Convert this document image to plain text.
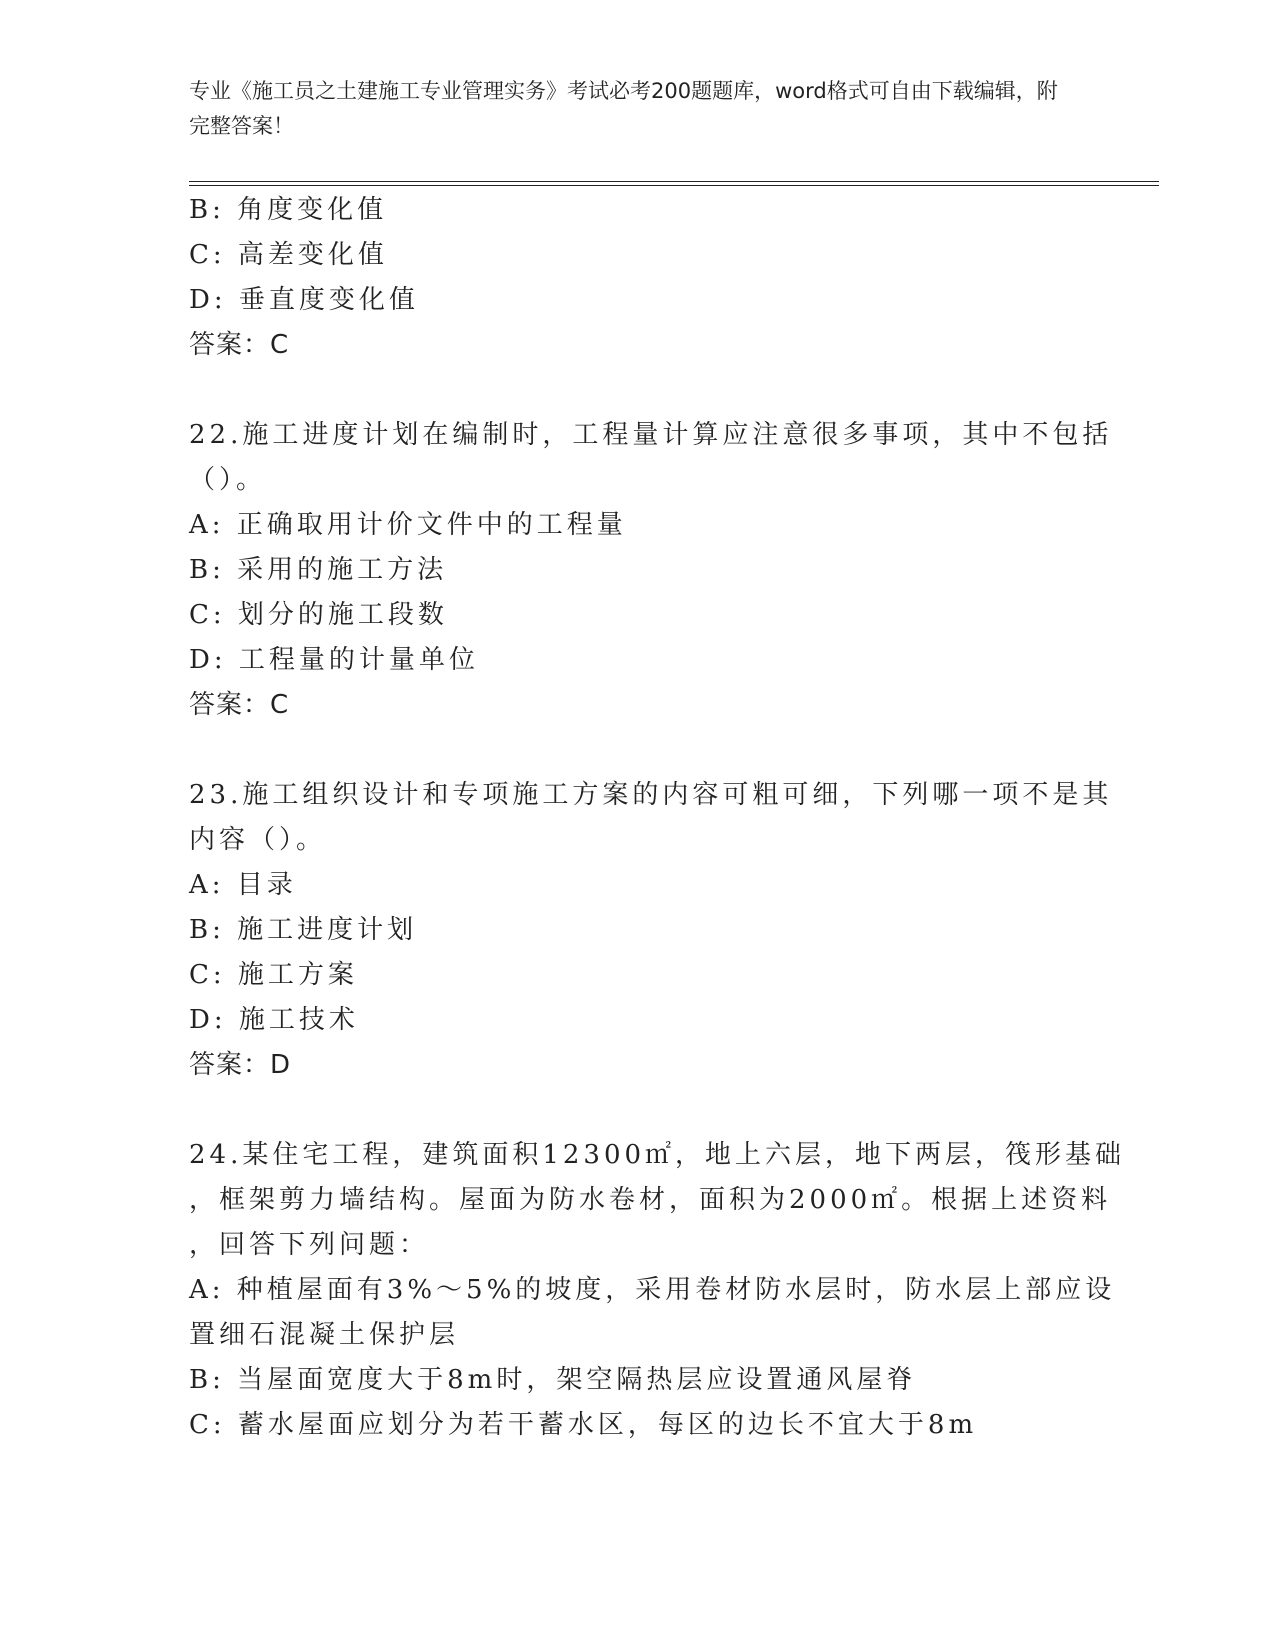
专业《施工员之土建施工专业管理实务》考试必考200题题库，word格式可自由下载编辑，附完整答案！
B: 角度变化值
C: 高差变化值
D: 垂直度变化值
答案：C
22.施工进度计划在编制时，工程量计算应注意很多事项，其中不包括
（）。
A: 正确取用计价文件中的工程量
B: 采用的施工方法
C: 划分的施工段数
D: 工程量的计量单位
答案：C
23.施工组织设计和专项施工方案的内容可粗可细，下列哪一项不是其
内容（）。
A: 目录
B: 施工进度计划
C: 施工方案
D: 施工技术
答案：D
24.某住宅工程，建筑面积12300㎡，地上六层，地下两层，筏形基础
，框架剪力墙结构。屋面为防水卷材，面积为2000㎡。根据上述资料
，回答下列问题：
A: 种植屋面有3%～5%的坡度，采用卷材防水层时，防水层上部应设
置细石混凝土保护层
B: 当屋面宽度大于8m时，架空隔热层应设置通风屋脊
C: 蓄水屋面应划分为若干蓄水区，每区的边长不宜大于8m
